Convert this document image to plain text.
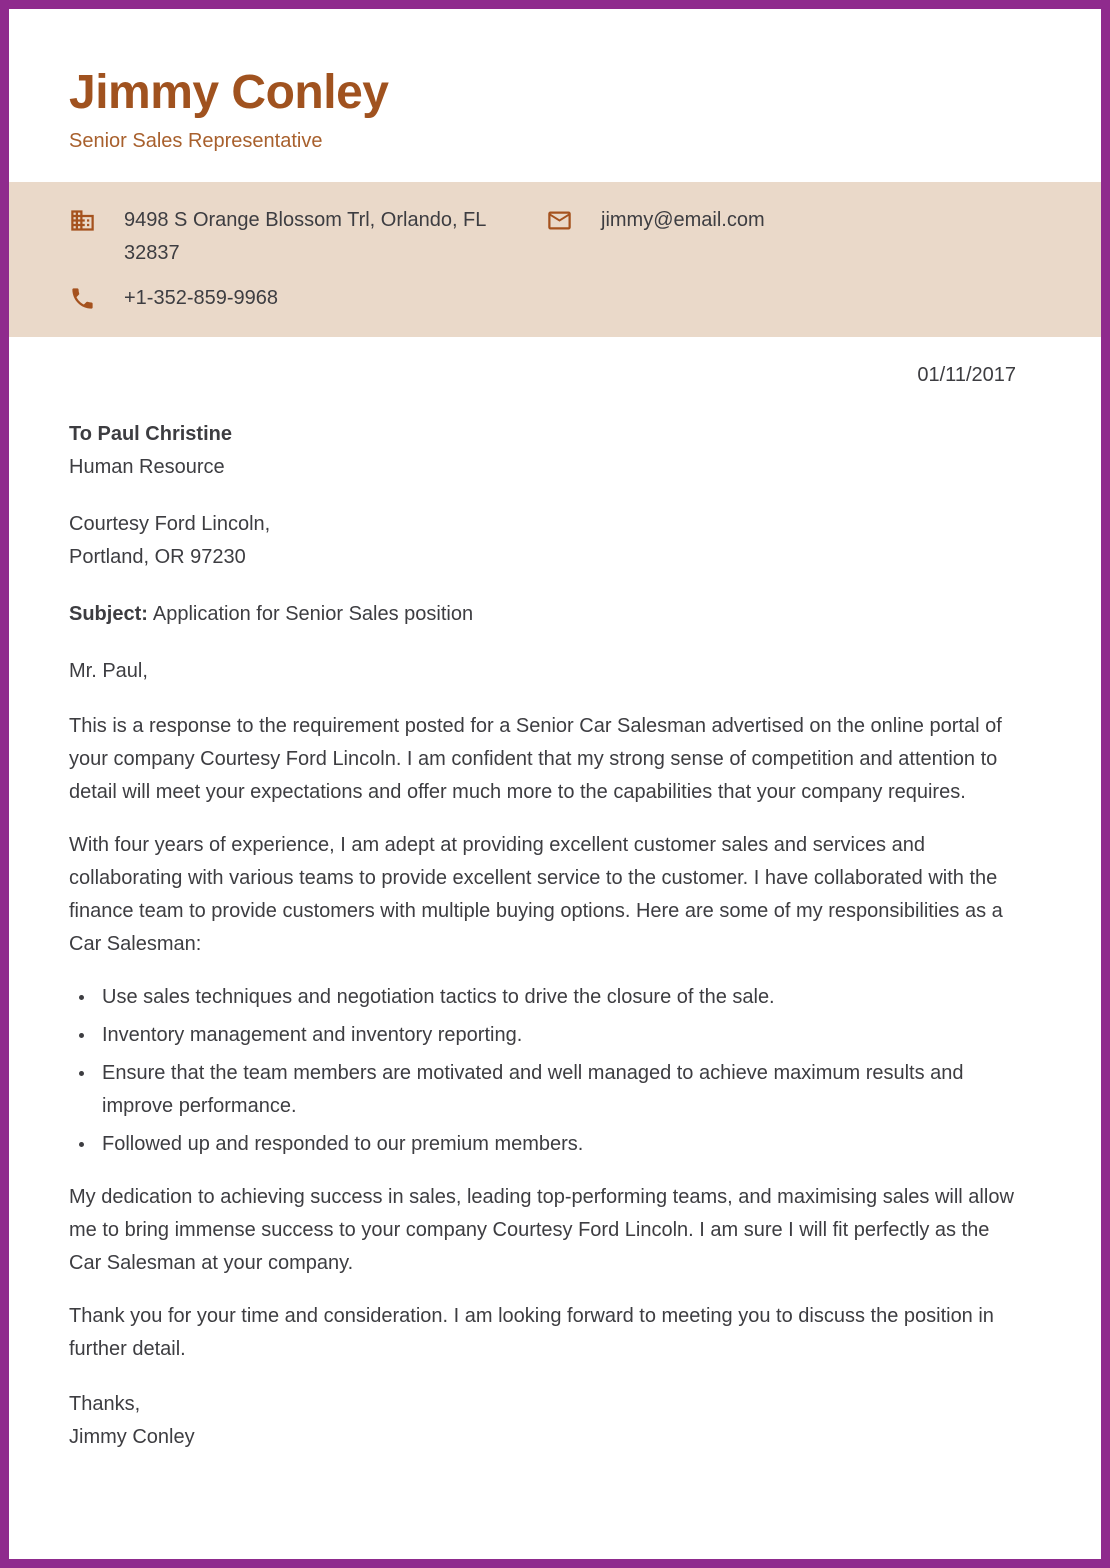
Jimmy Conley
Senior Sales Representative
9498 S Orange Blossom Trl, Orlando, FL 32837
jimmy@email.com
+1-352-859-9968
01/11/2017
To Paul Christine
Human Resource
Courtesy Ford Lincoln,
Portland, OR 97230
Subject: Application for Senior Sales position
Mr. Paul,

This is a response to the requirement posted for a Senior Car Salesman advertised on the online portal of your company Courtesy Ford Lincoln. I am confident that my strong sense of competition and attention to detail will meet your expectations and offer much more to the capabilities that your company requires.

With four years of experience, I am adept at providing excellent customer sales and services and collaborating with various teams to provide excellent service to the customer. I have collaborated with the finance team to provide customers with multiple buying options. Here are some of my responsibilities as a Car Salesman:

• Use sales techniques and negotiation tactics to drive the closure of the sale.
• Inventory management and inventory reporting.
• Ensure that the team members are motivated and well managed to achieve maximum results and improve performance.
• Followed up and responded to our premium members.

My dedication to achieving success in sales, leading top-performing teams, and maximising sales will allow me to bring immense success to your company Courtesy Ford Lincoln. I am sure I will fit perfectly as the Car Salesman at your company.

Thank you for your time and consideration. I am looking forward to meeting you to discuss the position in further detail.

Thanks,
Jimmy Conley
